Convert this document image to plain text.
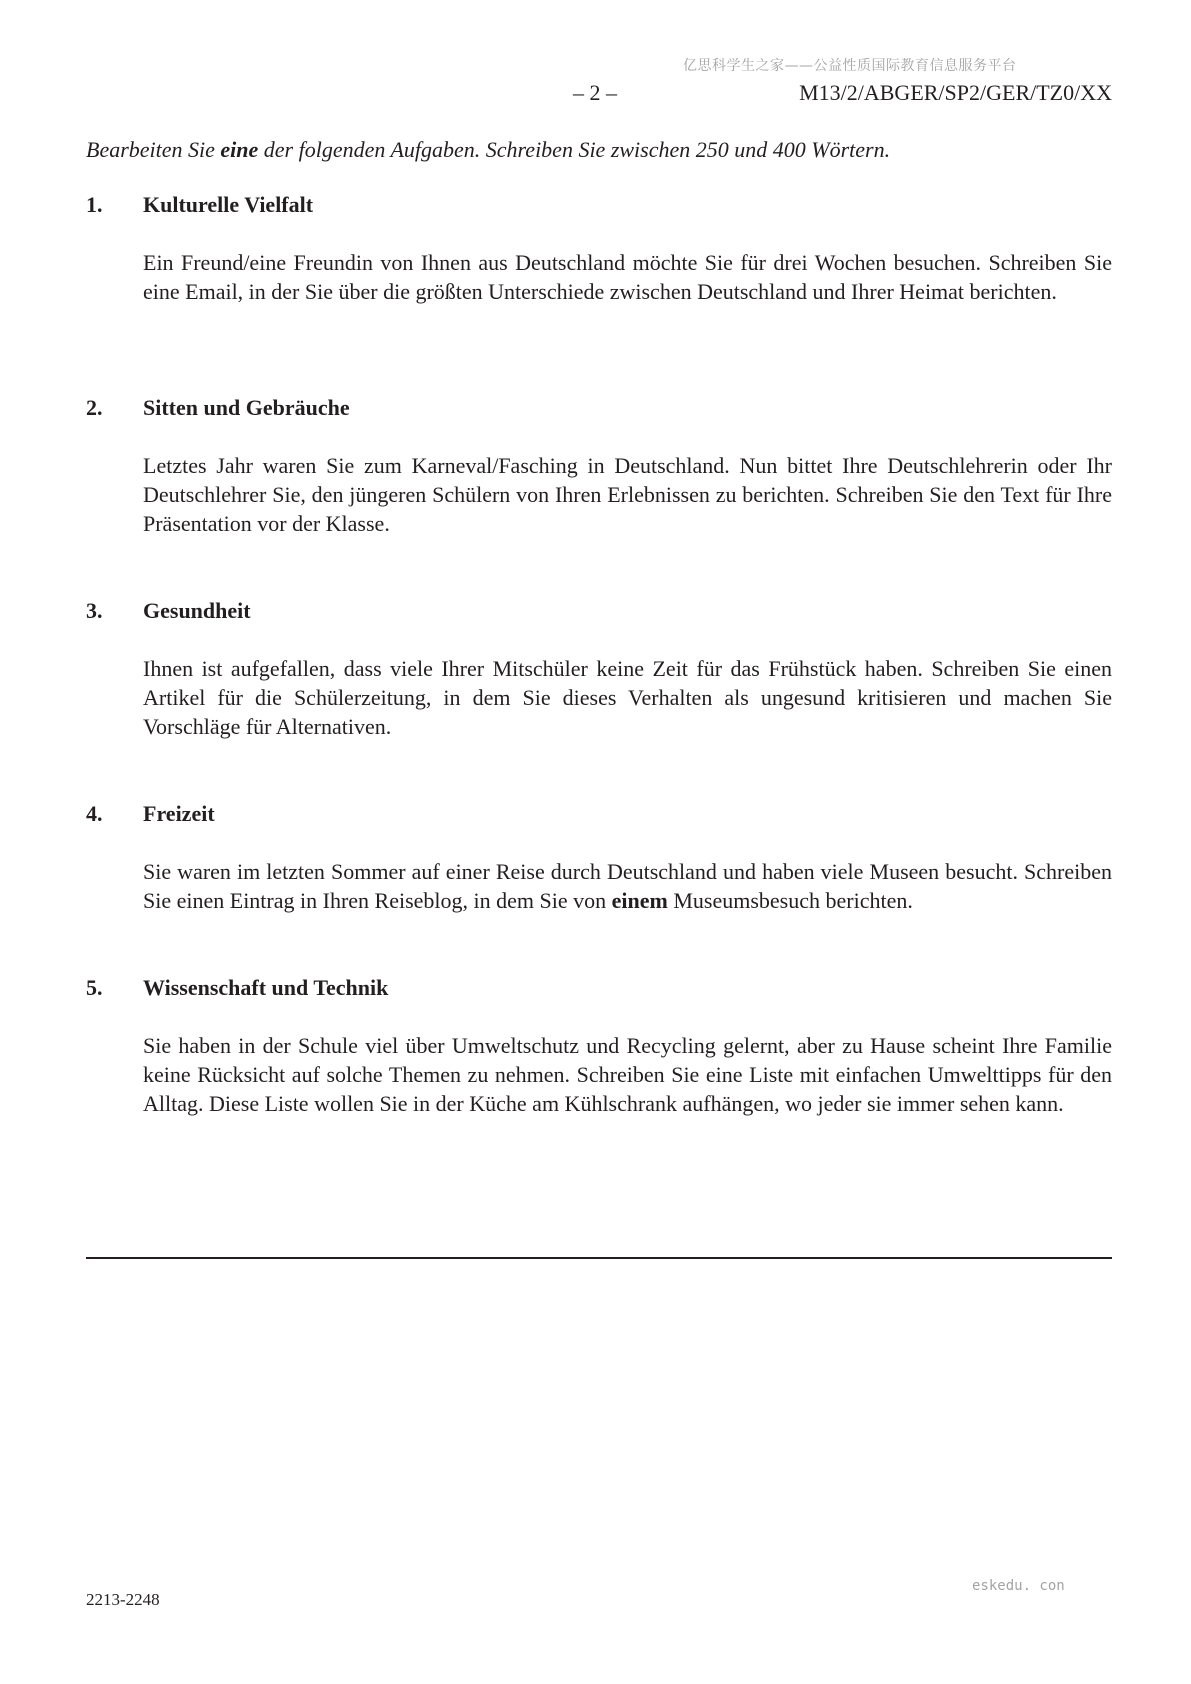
亿思科学生之家——公益性质国际教育信息服务平台
– 2 –	M13/2/ABGER/SP2/GER/TZ0/XX
Bearbeiten Sie eine der folgenden Aufgaben. Schreiben Sie zwischen 250 und 400 Wörtern.
1. Kulturelle Vielfalt
Ein Freund/eine Freundin von Ihnen aus Deutschland möchte Sie für drei Wochen besuchen. Schreiben Sie eine Email, in der Sie über die größten Unterschiede zwischen Deutschland und Ihrer Heimat berichten.
2. Sitten und Gebräuche
Letztes Jahr waren Sie zum Karneval/Fasching in Deutschland. Nun bittet Ihre Deutschlehrerin oder Ihr Deutschlehrer Sie, den jüngeren Schülern von Ihren Erlebnissen zu berichten. Schreiben Sie den Text für Ihre Präsentation vor der Klasse.
3. Gesundheit
Ihnen ist aufgefallen, dass viele Ihrer Mitschüler keine Zeit für das Frühstück haben. Schreiben Sie einen Artikel für die Schülerzeitung, in dem Sie dieses Verhalten als ungesund kritisieren und machen Sie Vorschläge für Alternativen.
4. Freizeit
Sie waren im letzten Sommer auf einer Reise durch Deutschland und haben viele Museen besucht. Schreiben Sie einen Eintrag in Ihren Reiseblog, in dem Sie von einem Museumsbesuch berichten.
5. Wissenschaft und Technik
Sie haben in der Schule viel über Umweltschutz und Recycling gelernt, aber zu Hause scheint Ihre Familie keine Rücksicht auf solche Themen zu nehmen. Schreiben Sie eine Liste mit einfachen Umwelttipps für den Alltag. Diese Liste wollen Sie in der Küche am Kühlschrank aufhängen, wo jeder sie immer sehen kann.
2213-2248
eskedu. con
